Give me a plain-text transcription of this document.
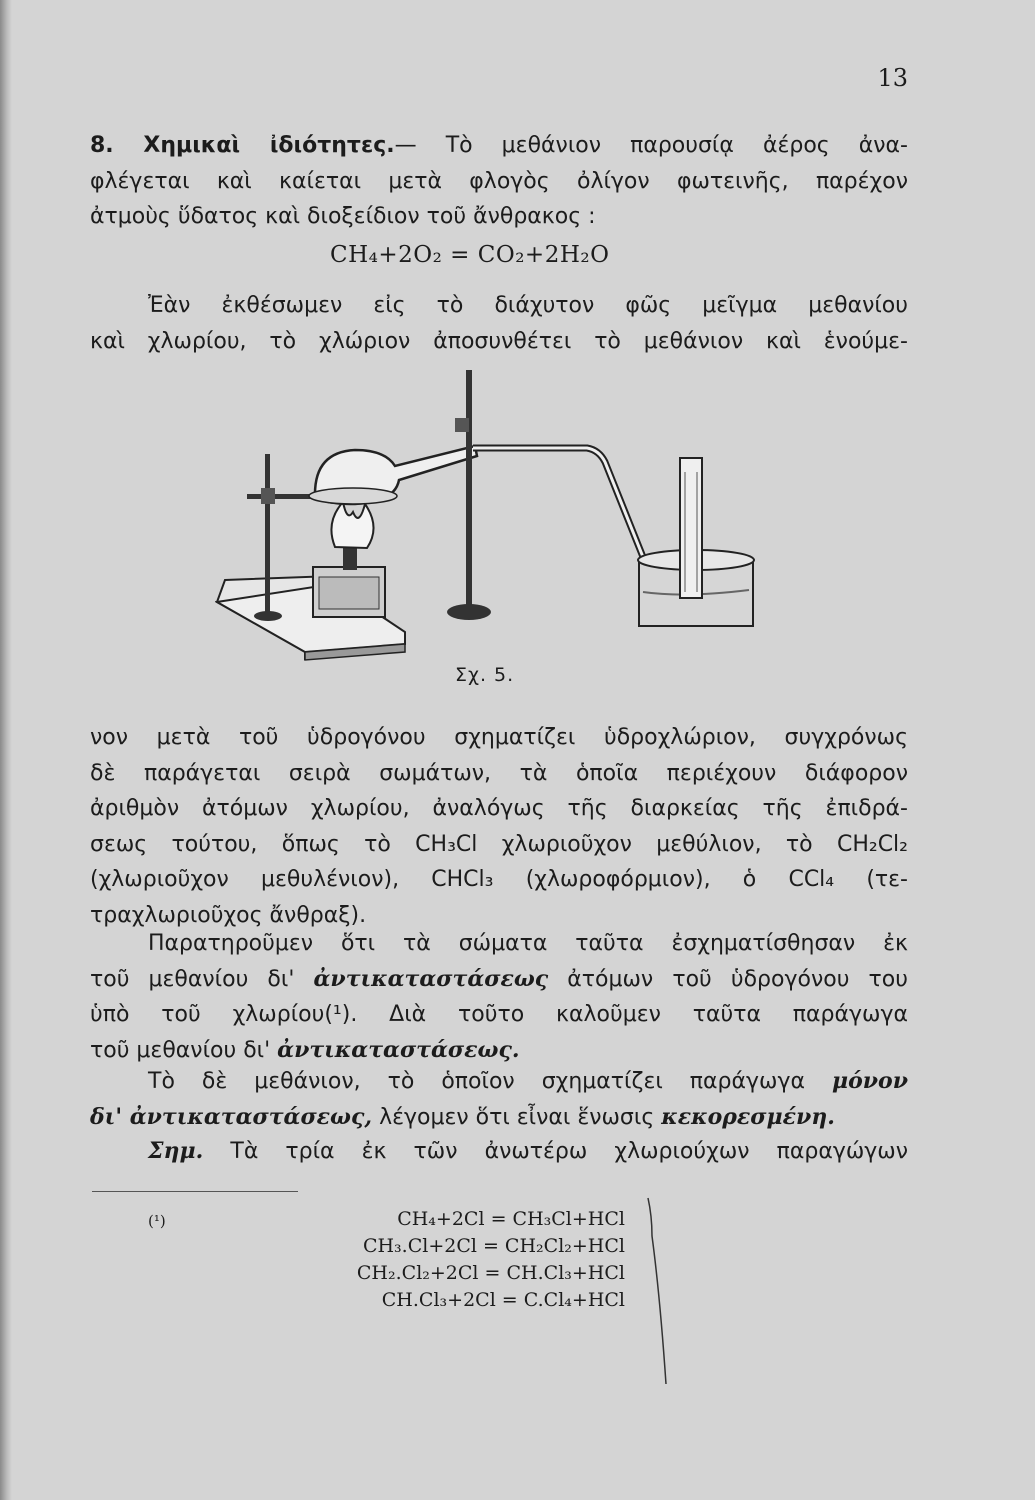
13
8. Χημικαὶ ἰδιότητες.— Τὸ μεθάνιον παρουσίᾳ ἀέρος ἀνα-
φλέγεται καὶ καίεται μετὰ φλογὸς ὀλίγον φωτεινῆς, παρέχον
ἀτμοὺς ὕδατος καὶ διοξείδιον τοῦ ἄνθρακος :
CH₄+2O₂ = CO₂+2H₂O
Ἐὰν ἐκθέσωμεν εἰς τὸ διάχυτον φῶς μεῖγμα μεθανίου
καὶ χλωρίου, τὸ χλώριον ἀποσυνθέτει τὸ μεθάνιον καὶ ἑνούμε-
Σχ. 5.
νον μετὰ τοῦ ὑδρογόνου σχηματίζει ὑδροχλώριον, συγχρόνως
δὲ παράγεται σειρὰ σωμάτων, τὰ ὁποῖα περιέχουν διάφορον
ἀριθμὸν ἀτόμων χλωρίου, ἀναλόγως τῆς διαρκείας τῆς ἐπιδρά-
σεως τούτου, ὅπως τὸ CH₃Cl χλωριοῦχον μεθύλιον, τὸ CH₂Cl₂
(χλωριοῦχον μεθυλένιον), CHCl₃ (χλωροφόρμιον), ὁ CCl₄ (τε-
τραχλωριοῦχος ἄνθραξ).
Παρατηροῦμεν ὅτι τὰ σώματα ταῦτα ἐσχηματίσθησαν ἐκ
τοῦ μεθανίου δι' ἀντικαταστάσεως ἀτόμων τοῦ ὑδρογόνου του
ὑπὸ τοῦ χλωρίου(¹). Διὰ τοῦτο καλοῦμεν ταῦτα παράγωγα
τοῦ μεθανίου δι' ἀντικαταστάσεως.
Τὸ δὲ μεθάνιον, τὸ ὁποῖον σχηματίζει παράγωγα μόνον
δι' ἀντικαταστάσεως, λέγομεν ὅτι εἶναι ἕνωσις κεκορεσμένη.
Σημ. Τὰ τρία ἐκ τῶν ἀνωτέρω χλωριούχων παραγώγων
(¹)	CH₄+2Cl = CH₃Cl+HCl
CH₃.Cl+2Cl = CH₂Cl₂+HCl
CH₂.Cl₂+2Cl = CH.Cl₃+HCl
CH.Cl₃+2Cl = C.Cl₄+HCl
